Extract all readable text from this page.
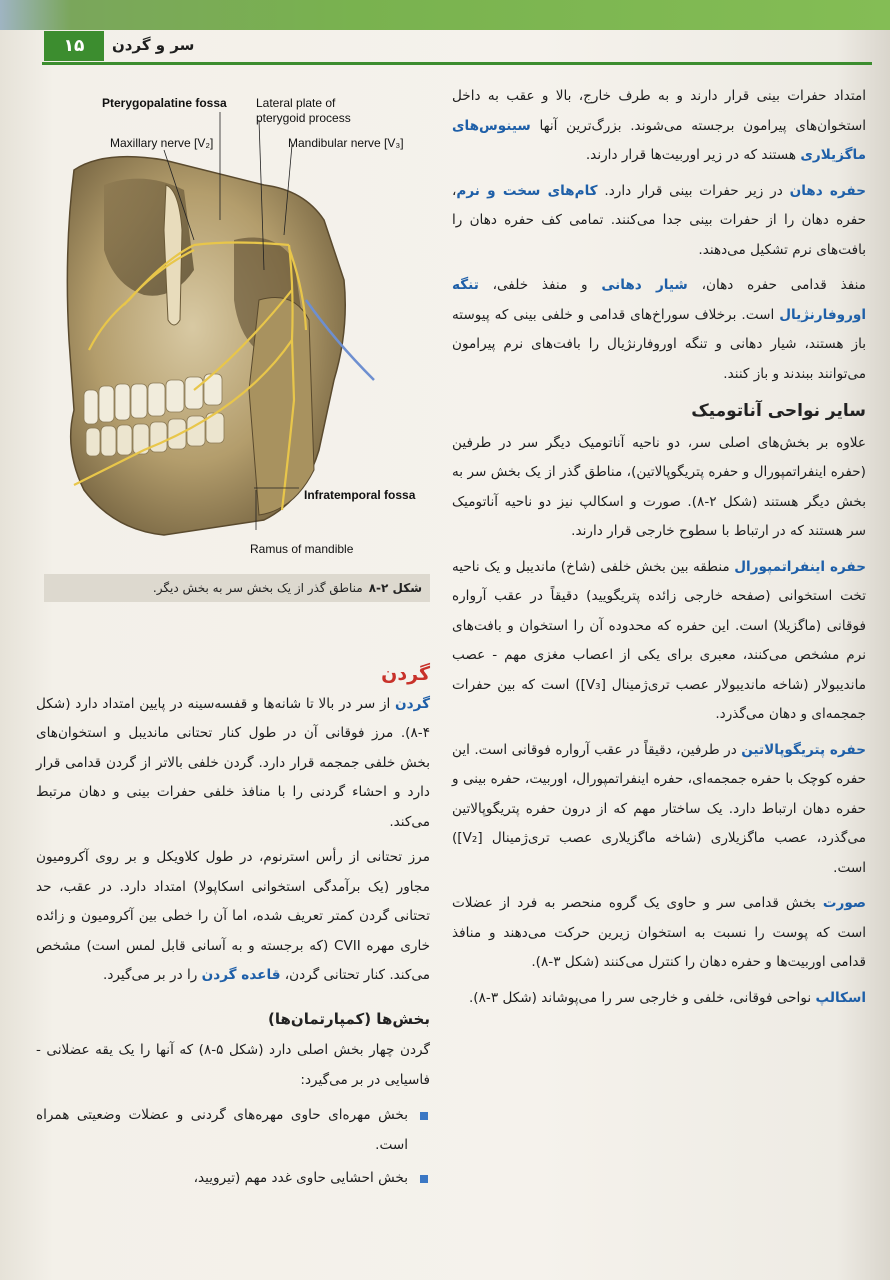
۱۵	سر و گردن
Pterygopalatine fossa Lateral plate of pterygoid process
Maxillary nerve [V₂]	Mandibular nerve [V₃]
Infratemporal fossa
Ramus of mandible
شکل ۲-۸
مناطق گذر از یک بخش سر به بخش دیگر.

امتداد حفرات بینی قرار دارند و به طرف خارج، بالا و عقب به داخل استخوان‌های پیرامون برجسته می‌شوند. بزرگ‌ترین آنها سینوس‌های ماگزیلاری هستند که در زیر اوربیت‌ها قرار دارند.

حفره دهان در زیر حفرات بینی قرار دارد. کام‌های سخت و نرم، حفره دهان را از حفرات بینی جدا می‌کنند. تمامی کف حفره دهان را بافت‌های نرم تشکیل می‌دهند.

منفذ قدامی حفره دهان، شیار دهانی و منفذ خلفی، تنگه اوروفارنژیال است. برخلاف سوراخ‌های قدامی و خلفی بینی که پیوسته باز هستند، شیار دهانی و تنگه اوروفارنژیال را بافت‌های نرم پیرامون می‌توانند ببندند و باز کنند.

سایر نواحی آناتومیک

علاوه بر بخش‌های اصلی سر، دو ناحیه آناتومیک دیگر سر در طرفین (حفره اینفراتمپورال و حفره پتریگوپالاتین)، مناطق گذر از یک بخش سر به بخش دیگر هستند (شکل ۲-۸). صورت و اسکالپ نیز دو ناحیه آناتومیک سر هستند که در ارتباط با سطوح خارجی قرار دارند.

حفره اینفراتمپورال منطقه بین بخش خلفی (شاخ) ماندیبل و یک ناحیه تخت استخوانی (صفحه خارجی زائده پتریگویید) دقیقاً در عقب آرواره فوقانی (ماگزیلا) است. این حفره که محدوده آن را استخوان و بافت‌های نرم مشخص می‌کنند، معبری برای یکی از اعصاب مغزی مهم - عصب ماندیبولار (شاخه ماندیبولار عصب تری‌ژمینال [V₃]) است که بین حفرات جمجمه‌ای و دهان می‌گذرد.

حفره پتریگوپالاتین در طرفین، دقیقاً در عقب آرواره فوقانی است. این حفره کوچک با حفره جمجمه‌ای، حفره اینفراتمپورال، اوربیت، حفره بینی و حفره دهان ارتباط دارد. یک ساختار مهم که از درون حفره پتریگوپالاتین می‌گذرد، عصب ماگزیلاری (شاخه ماگزیلاری عصب تری‌ژمینال [V₂]) است.

صورت بخش قدامی سر و حاوی یک گروه منحصر به فرد از عضلات است که پوست را نسبت به استخوان زیرین حرکت می‌دهند و منافذ قدامی اوربیت‌ها و حفره دهان را کنترل می‌کنند (شکل ۳-۸).

اسکالپ نواحی فوقانی، خلفی و خارجی سر را می‌پوشاند (شکل ۳-۸).

گردن

گردن از سر در بالا تا شانه‌ها و قفسه‌سینه در پایین امتداد دارد (شکل ۴-۸). مرز فوقانی آن در طول کنار تحتانی ماندیبل و استخوان‌های بخش خلفی جمجمه قرار دارد. گردن خلفی بالاتر از گردن قدامی قرار دارد و احشاء گردنی را با منافذ خلفی حفرات بینی و دهان مرتبط می‌کند.

مرز تحتانی از رأس استرنوم، در طول کلاویکل و بر روی آکرومیون مجاور (یک برآمدگی استخوانی اسکاپولا) امتداد دارد. در عقب، حد تحتانی گردن کمتر تعریف شده، اما آن را خطی بین آکرومیون و زائده خاری مهره CVII (که برجسته و به آسانی قابل لمس است) مشخص می‌کند. کنار تحتانی گردن، قاعده گردن را در بر می‌گیرد.

بخش‌ها (کمپارتمان‌ها)

گردن چهار بخش اصلی دارد (شکل ۵-۸) که آنها را یک یقه عضلانی - فاسیایی در بر می‌گیرد:

بخش مهره‌ای حاوی مهره‌های گردنی و عضلات وضعیتی همراه است.
بخش احشایی حاوی غدد مهم (تیرویید،
